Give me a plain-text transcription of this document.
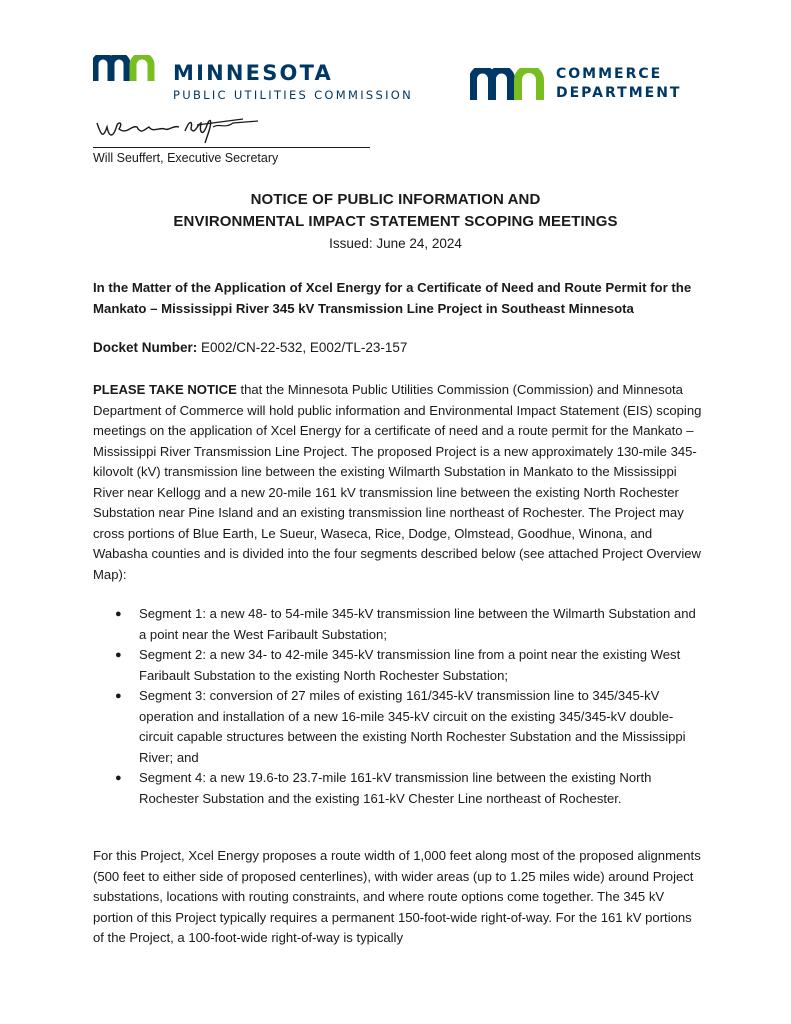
MINNESOTA
PUBLIC UTILITIES COMMISSION
COMMERCE
DEPARTMENT
Will Seuffert, Executive Secretary
NOTICE OF PUBLIC INFORMATION AND
ENVIRONMENTAL IMPACT STATEMENT SCOPING MEETINGS
Issued: June 24, 2024
In the Matter of the Application of Xcel Energy for a Certificate of Need and Route Permit for the Mankato – Mississippi River 345 kV Transmission Line Project in Southeast Minnesota
Docket Number: E002/CN-22-532, E002/TL-23-157
PLEASE TAKE NOTICE that the Minnesota Public Utilities Commission (Commission) and Minnesota Department of Commerce will hold public information and Environmental Impact Statement (EIS) scoping meetings on the application of Xcel Energy for a certificate of need and a route permit for the Mankato – Mississippi River Transmission Line Project. The proposed Project is a new approximately 130-mile 345-kilovolt (kV) transmission line between the existing Wilmarth Substation in Mankato to the Mississippi River near Kellogg and a new 20-mile 161 kV transmission line between the existing North Rochester Substation near Pine Island and an existing transmission line northeast of Rochester. The Project may cross portions of Blue Earth, Le Sueur, Waseca, Rice, Dodge, Olmstead, Goodhue, Winona, and Wabasha counties and is divided into the four segments described below (see attached Project Overview Map):
● Segment 1: a new 48- to 54-mile 345-kV transmission line between the Wilmarth Substation and a point near the West Faribault Substation;
● Segment 2: a new 34- to 42-mile 345-kV transmission line from a point near the existing West Faribault Substation to the existing North Rochester Substation;
● Segment 3: conversion of 27 miles of existing 161/345-kV transmission line to 345/345-kV operation and installation of a new 16-mile 345-kV circuit on the existing 345/345-kV double-circuit capable structures between the existing North Rochester Substation and the Mississippi River; and
● Segment 4: a new 19.6-to 23.7-mile 161-kV transmission line between the existing North Rochester Substation and the existing 161-kV Chester Line northeast of Rochester.
For this Project, Xcel Energy proposes a route width of 1,000 feet along most of the proposed alignments (500 feet to either side of proposed centerlines), with wider areas (up to 1.25 miles wide) around Project substations, locations with routing constraints, and where route options come together. The 345 kV portion of this Project typically requires a permanent 150-foot-wide right-of-way. For the 161 kV portions of the Project, a 100-foot-wide right-of-way is typically
